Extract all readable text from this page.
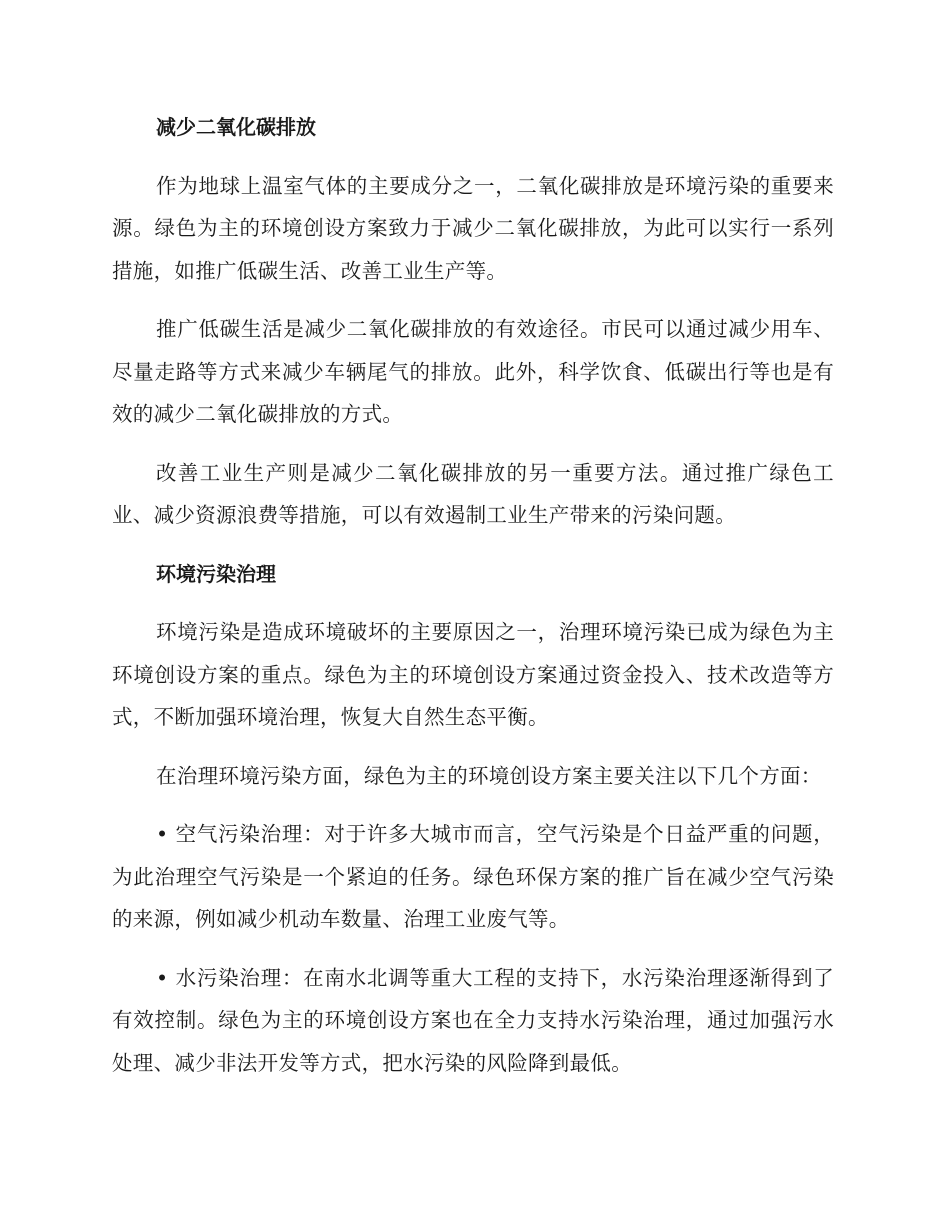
减少二氧化碳排放

作为地球上温室气体的主要成分之一，二氧化碳排放是环境污染的重要来源。绿色为主的环境创设方案致力于减少二氧化碳排放，为此可以实行一系列措施，如推广低碳生活、改善工业生产等。

推广低碳生活是减少二氧化碳排放的有效途径。市民可以通过减少用车、尽量走路等方式来减少车辆尾气的排放。此外，科学饮食、低碳出行等也是有效的减少二氧化碳排放的方式。

改善工业生产则是减少二氧化碳排放的另一重要方法。通过推广绿色工业、减少资源浪费等措施，可以有效遏制工业生产带来的污染问题。

环境污染治理

环境污染是造成环境破坏的主要原因之一，治理环境污染已成为绿色为主环境创设方案的重点。绿色为主的环境创设方案通过资金投入、技术改造等方式，不断加强环境治理，恢复大自然生态平衡。

在治理环境污染方面，绿色为主的环境创设方案主要关注以下几个方面：

• 空气污染治理：对于许多大城市而言，空气污染是个日益严重的问题，为此治理空气污染是一个紧迫的任务。绿色环保方案的推广旨在减少空气污染的来源，例如减少机动车数量、治理工业废气等。

• 水污染治理：在南水北调等重大工程的支持下，水污染治理逐渐得到了有效控制。绿色为主的环境创设方案也在全力支持水污染治理，通过加强污水处理、减少非法开发等方式，把水污染的风险降到最低。
